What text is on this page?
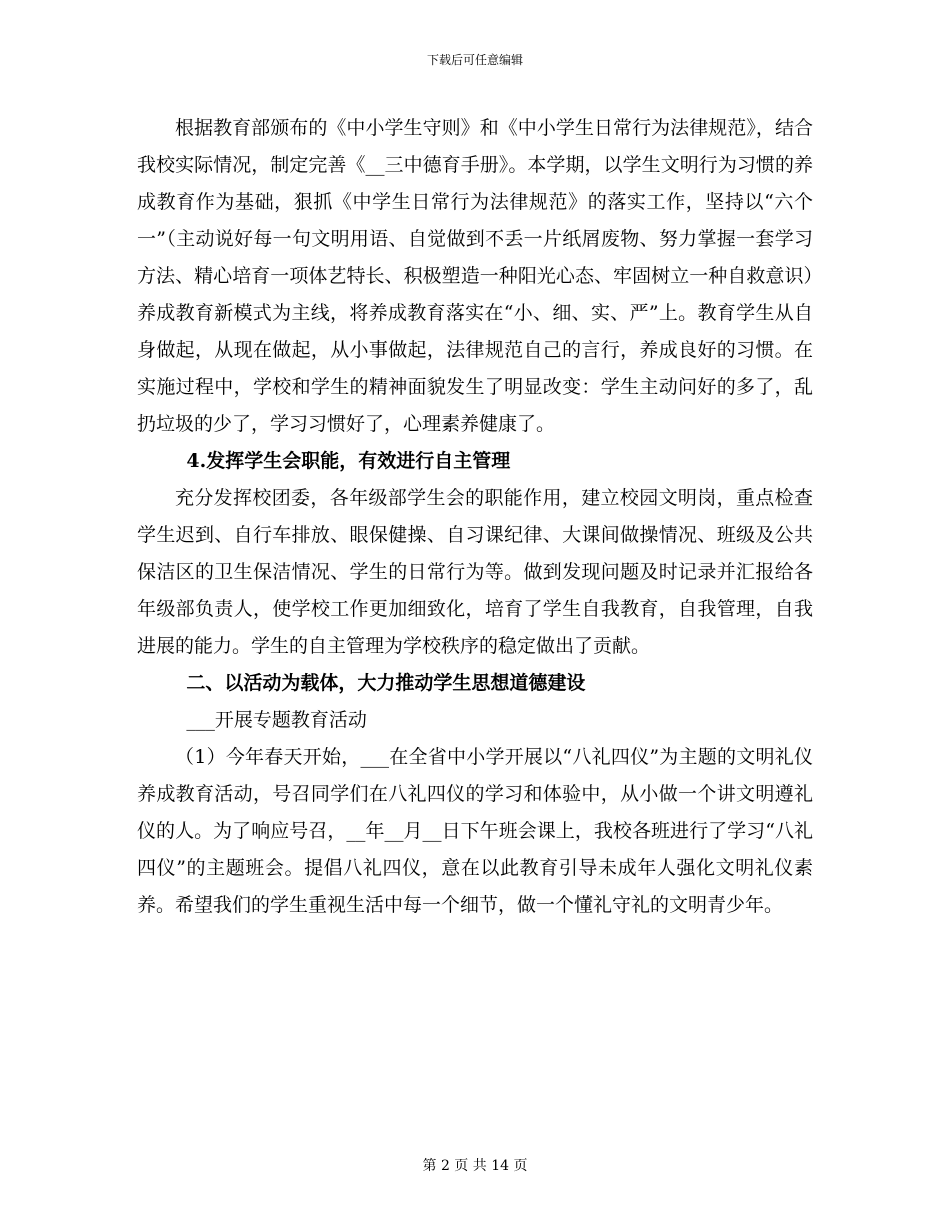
下载后可任意编辑

根据教育部颁布的《中小学生守则》和《中小学生日常行为法律规范》，结合我校实际情况，制定完善《__三中德育手册》。本学期，以学生文明行为习惯的养成教育作为基础，狠抓《中学生日常行为法律规范》的落实工作，坚持以“六个一”（主动说好每一句文明用语、自觉做到不丢一片纸屑废物、努力掌握一套学习方法、精心培育一项体艺特长、积极塑造一种阳光心态、牢固树立一种自救意识）养成教育新模式为主线，将养成教育落实在“小、细、实、严”上。教育学生从自身做起，从现在做起，从小事做起，法律规范自己的言行，养成良好的习惯。在实施过程中，学校和学生的精神面貌发生了明显改变：学生主动问好的多了，乱扔垃圾的少了，学习习惯好了，心理素养健康了。

4.发挥学生会职能，有效进行自主管理

充分发挥校团委，各年级部学生会的职能作用，建立校园文明岗，重点检查学生迟到、自行车排放、眼保健操、自习课纪律、大课间做操情况、班级及公共保洁区的卫生保洁情况、学生的日常行为等。做到发现问题及时记录并汇报给各年级部负责人，使学校工作更加细致化，培育了学生自我教育，自我管理，自我进展的能力。学生的自主管理为学校秩序的稳定做出了贡献。

二、以活动为载体，大力推动学生思想道德建设

___开展专题教育活动

（1）今年春天开始，___在全省中小学开展以“八礼四仪”为主题的文明礼仪养成教育活动，号召同学们在八礼四仪的学习和体验中，从小做一个讲文明遵礼仪的人。为了响应号召，__年__月__日下午班会课上，我校各班进行了学习“八礼四仪”的主题班会。提倡八礼四仪，意在以此教育引导未成年人强化文明礼仪素养。希望我们的学生重视生活中每一个细节，做一个懂礼守礼的文明青少年。

第 2 页 共 14 页
